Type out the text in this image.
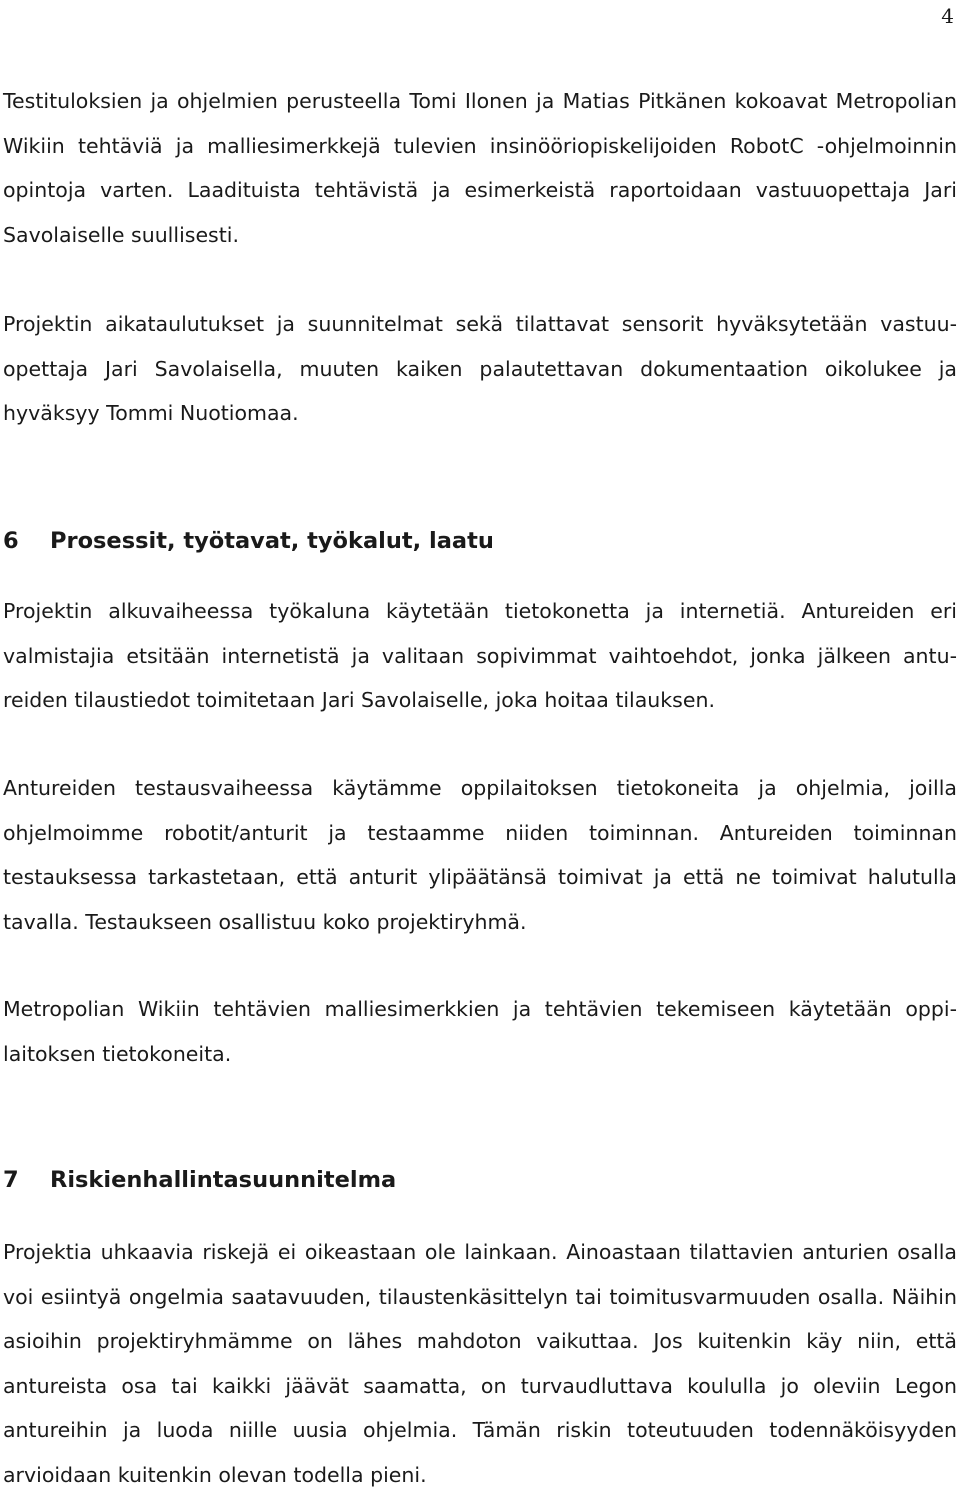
4

Testituloksien ja ohjelmien perusteella Tomi Ilonen ja Matias Pitkänen kokoavat Metropolian Wikiin tehtäviä ja malliesimerkkejä tulevien insinööriopiskelijoiden RobotC -ohjelmoinnin opintoja varten. Laadituista tehtävistä ja esimerkeistä raportoidaan vastuuopettaja Jari Savolaiselle suullisesti.

Projektin aikataulutukset ja suunnitelmat sekä tilattavat sensorit hyväksytetään vastuuopettaja Jari Savolaisella, muuten kaiken palautettavan dokumentaation oikolukee ja hyväksyy Tommi Nuotiomaa.

6 Prosessit, työtavat, työkalut, laatu

Projektin alkuvaiheessa työkaluna käytetään tietokonetta ja internetiä. Antureiden eri valmistajia etsitään internetistä ja valitaan sopivimmat vaihtoehdot, jonka jälkeen antureiden tilaustiedot toimitetaan Jari Savolaiselle, joka hoitaa tilauksen.

Antureiden testausvaiheessa käytämme oppilaitoksen tietokoneita ja ohjelmia, joilla ohjelmoimme robotit/anturit ja testaamme niiden toiminnan. Antureiden toiminnan testauksessa tarkastetaan, että anturit ylipäätänsä toimivat ja että ne toimivat halutulla tavalla. Testaukseen osallistuu koko projektiryhmä.

Metropolian Wikiin tehtävien malliesimerkkien ja tehtävien tekemiseen käytetään oppilaitoksen tietokoneita.

7 Riskienhallintasuunnitelma

Projektia uhkaavia riskejä ei oikeastaan ole lainkaan. Ainoastaan tilattavien anturien osalla voi esiintyä ongelmia saatavuuden, tilaustenkäsittelyn tai toimitusvarmuuden osalla. Näihin asioihin projektiryhmämme on lähes mahdoton vaikuttaa. Jos kuitenkin käy niin, että antureista osa tai kaikki jäävät saamatta, on turvaudluttava koululla jo oleviin Legon antureihin ja luoda niille uusia ohjelmia. Tämän riskin toteutuuden todennäköisyyden arvioidaan kuitenkin olevan todella pieni.
